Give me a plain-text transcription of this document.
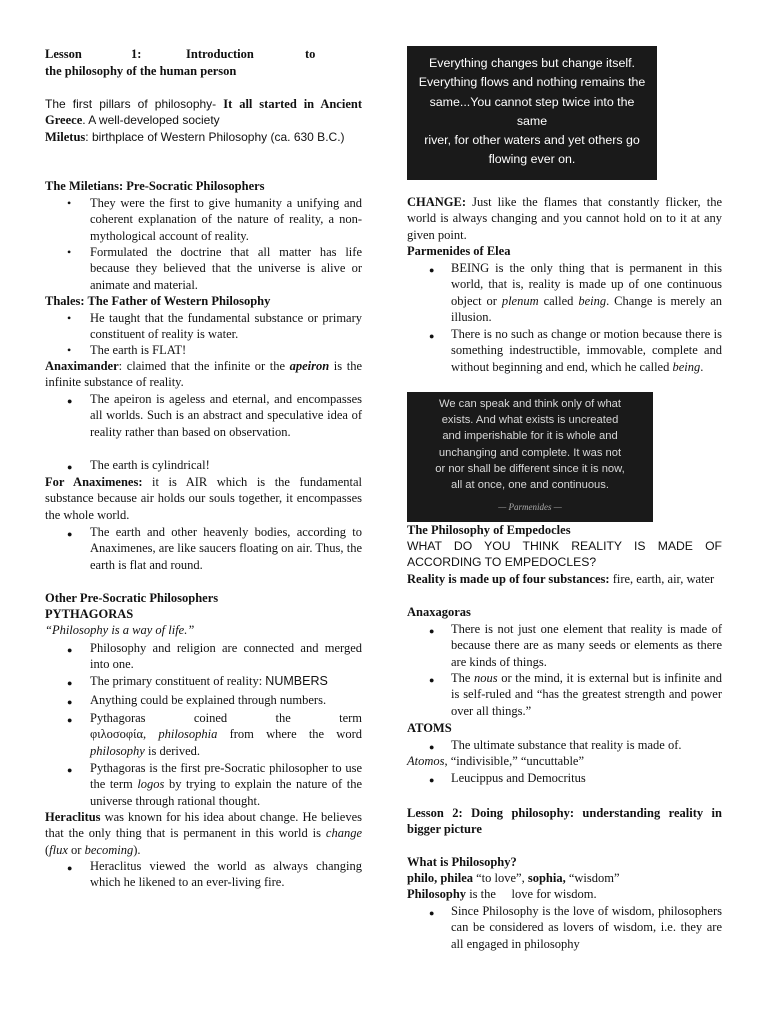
Lesson	1:	Introduction	to
the philosophy of the human person
The first pillars of philosophy- It all started in Ancient Greece. A well-developed society
Miletus: birthplace of Western Philosophy (ca. 630 B.C.)
The Miletians: Pre-Socratic Philosophers
• They were the first to give humanity a unifying and coherent explanation of the nature of reality, a non-mythological account of reality.
• Formulated the doctrine that all matter has life because they believed that the universe is alive or animate and material.
Thales: The Father of Western Philosophy
• He taught that the fundamental substance or primary constituent of reality is water.
• The earth is FLAT!
Anaximander: claimed that the infinite or the apeiron is the infinite substance of reality.
● The apeiron is ageless and eternal, and encompasses all worlds. Such is an abstract and speculative idea of reality rather than based on observation.
● The earth is cylindrical!
For Anaximenes: it is AIR which is the fundamental substance because air holds our souls together, it encompasses the whole world.
● The earth and other heavenly bodies, according to Anaximenes, are like saucers floating on air. Thus, the earth is flat and round.
Other Pre-Socratic Philosophers
PYTHAGORAS
“Philosophy is a way of life.”
● Philosophy and religion are connected and merged into one.
● The primary constituent of reality: NUMBERS
● Anything could be explained through numbers.
● Pythagoras coined the term
φιλοσοφία, philosophia from where the word philosophy is derived.
● Pythagoras is the first pre-Socratic philosopher to use the term logos by trying to explain the nature of the universe through rational thought.
Heraclitus was known for his idea about change. He believes that the only thing that is permanent in this world is change (flux or becoming).
● Heraclitus viewed the world as always changing which he likened to an ever-living fire.
Everything changes but change itself.
Everything flows and nothing remains the
same...You cannot step twice into the same
river, for other waters and yet others go
flowing ever on.
-Heraclitus
We can speak and think only of what
exists. And what exists is uncreated
and imperishable for it is whole and
unchanging and complete. It was not
or nor shall be different since it is now,
all at once, one and continuous.
— Parmenides —
CHANGE: Just like the flames that constantly flicker, the world is always changing and you cannot hold on to it at any given point.
Parmenides of Elea
● BEING is the only thing that is permanent in this world, that is, reality is made up of one continuous object or plenum called being. Change is merely an illusion.
● There is no such as change or motion because there is something indestructible, immovable, complete and without beginning and end, which he called being.
The Philosophy of Empedocles
WHAT DO YOU THINK REALITY IS MADE OF ACCORDING TO EMPEDOCLES?
Reality is made up of four substances: fire, earth, air, water
Anaxagoras
● There is not just one element that reality is made of because there are as many seeds or elements as there are kinds of things.
● The nous or the mind, it is external but is infinite and is self-ruled and “has the greatest strength and power over all things.”
ATOMS
● The ultimate substance that reality is made of.
Atomos, “indivisible,” “uncuttable”
● Leucippus and Democritus
Lesson 2: Doing philosophy: understanding reality in bigger picture
What is Philosophy?
philo, philea “to love”, sophia, “wisdom”
Philosophy is the     love for wisdom.
● Since Philosophy is the love of wisdom, philosophers can be considered as lovers of wisdom, i.e. they are all engaged in philosophy
